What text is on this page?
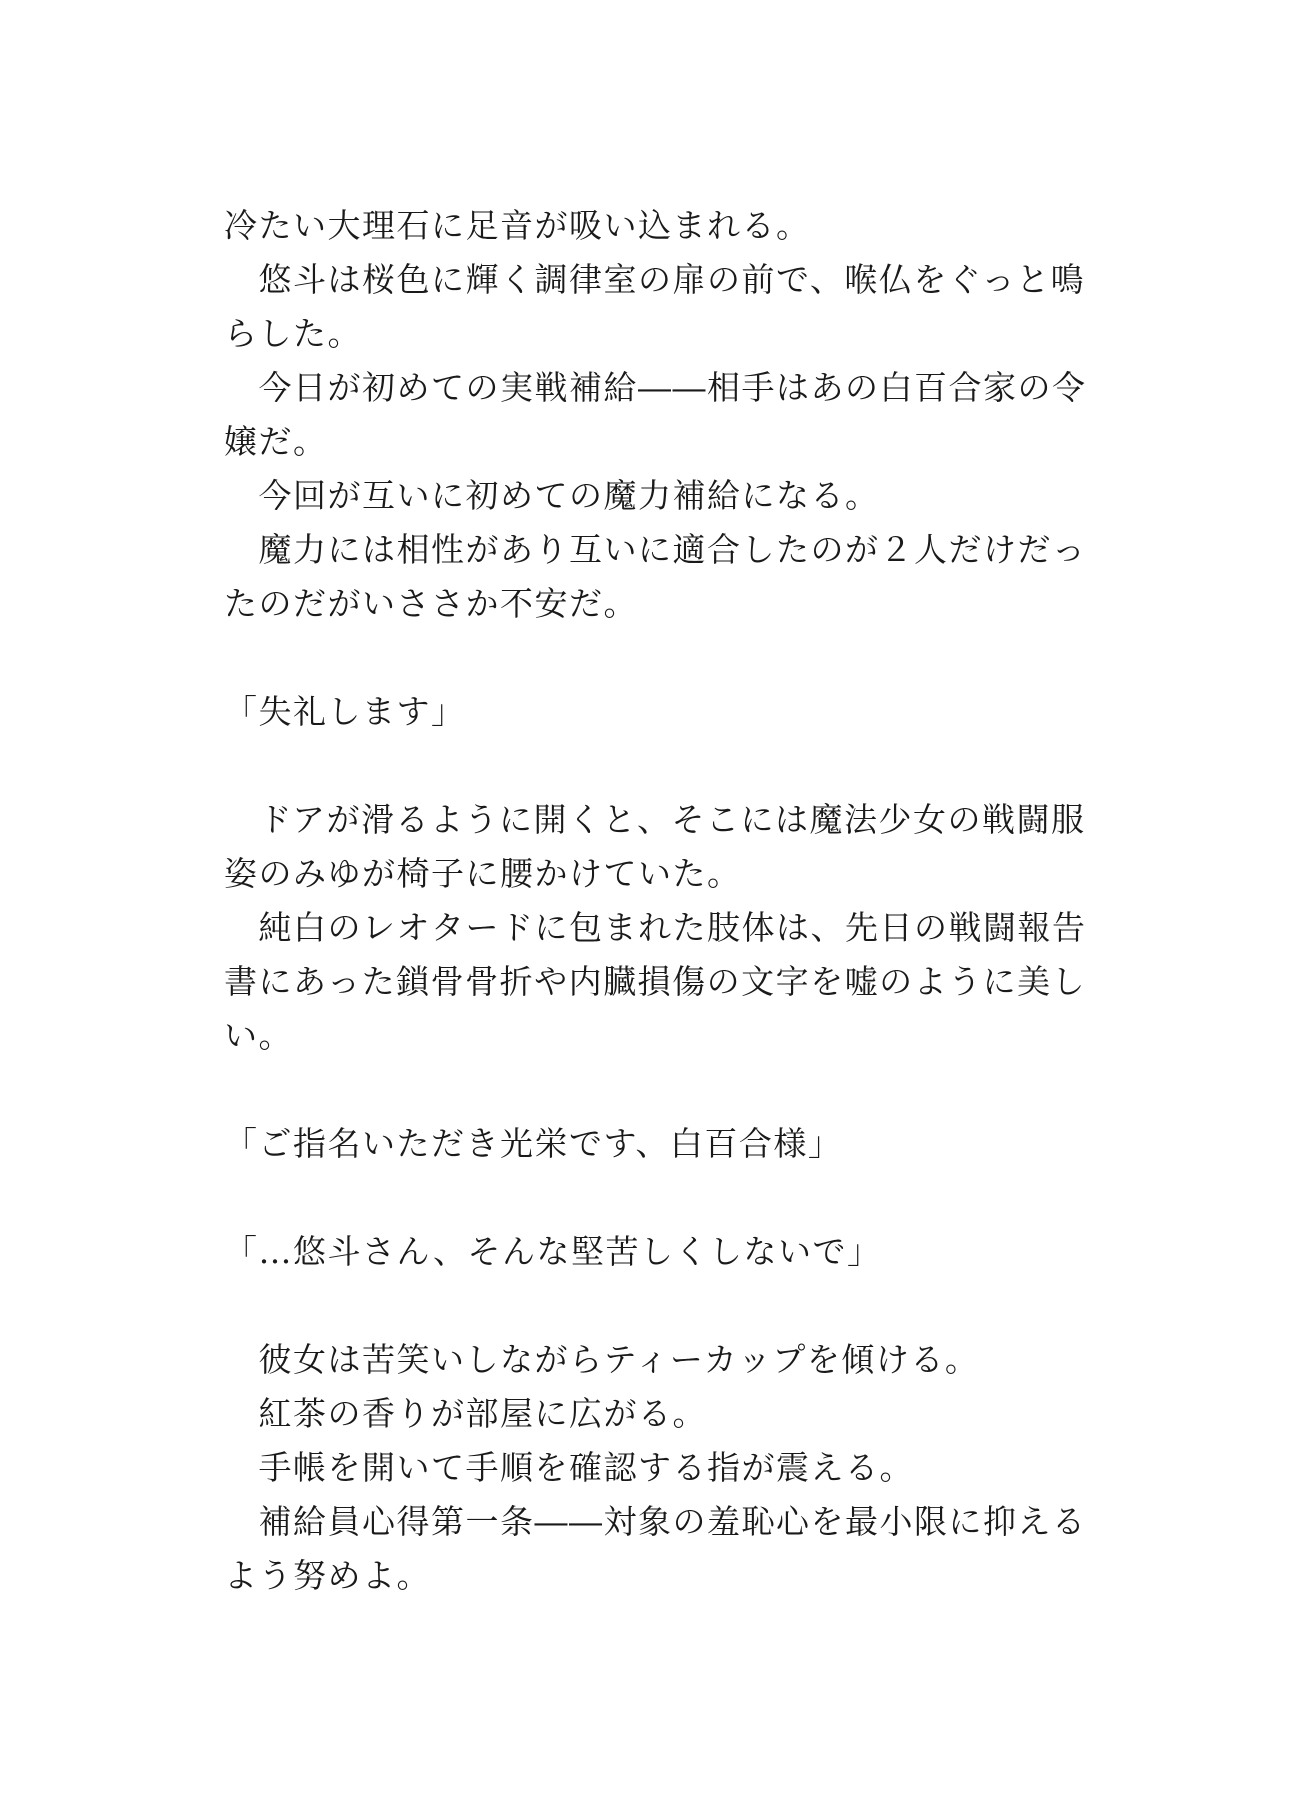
冷たい大理石に足音が吸い込まれる。
　悠斗は桜色に輝く調律室の扉の前で、喉仏をぐっと鳴
らした。
　今日が初めての実戦補給――相手はあの白百合家の令
嬢だ。
　今回が互いに初めての魔力補給になる。
　魔力には相性があり互いに適合したのが２人だけだっ
たのだがいささか不安だ。
「失礼します」
　ドアが滑るように開くと、そこには魔法少女の戦闘服
姿のみゆが椅子に腰かけていた。
　純白のレオタードに包まれた肢体は、先日の戦闘報告
書にあった鎖骨骨折や内臓損傷の文字を嘘のように美し
い。
「ご指名いただき光栄です、白百合様」
「…悠斗さん、そんな堅苦しくしないで」
　彼女は苦笑いしながらティーカップを傾ける。
　紅茶の香りが部屋に広がる。
　手帳を開いて手順を確認する指が震える。
　補給員心得第一条――対象の羞恥心を最小限に抑える
よう努めよ。
